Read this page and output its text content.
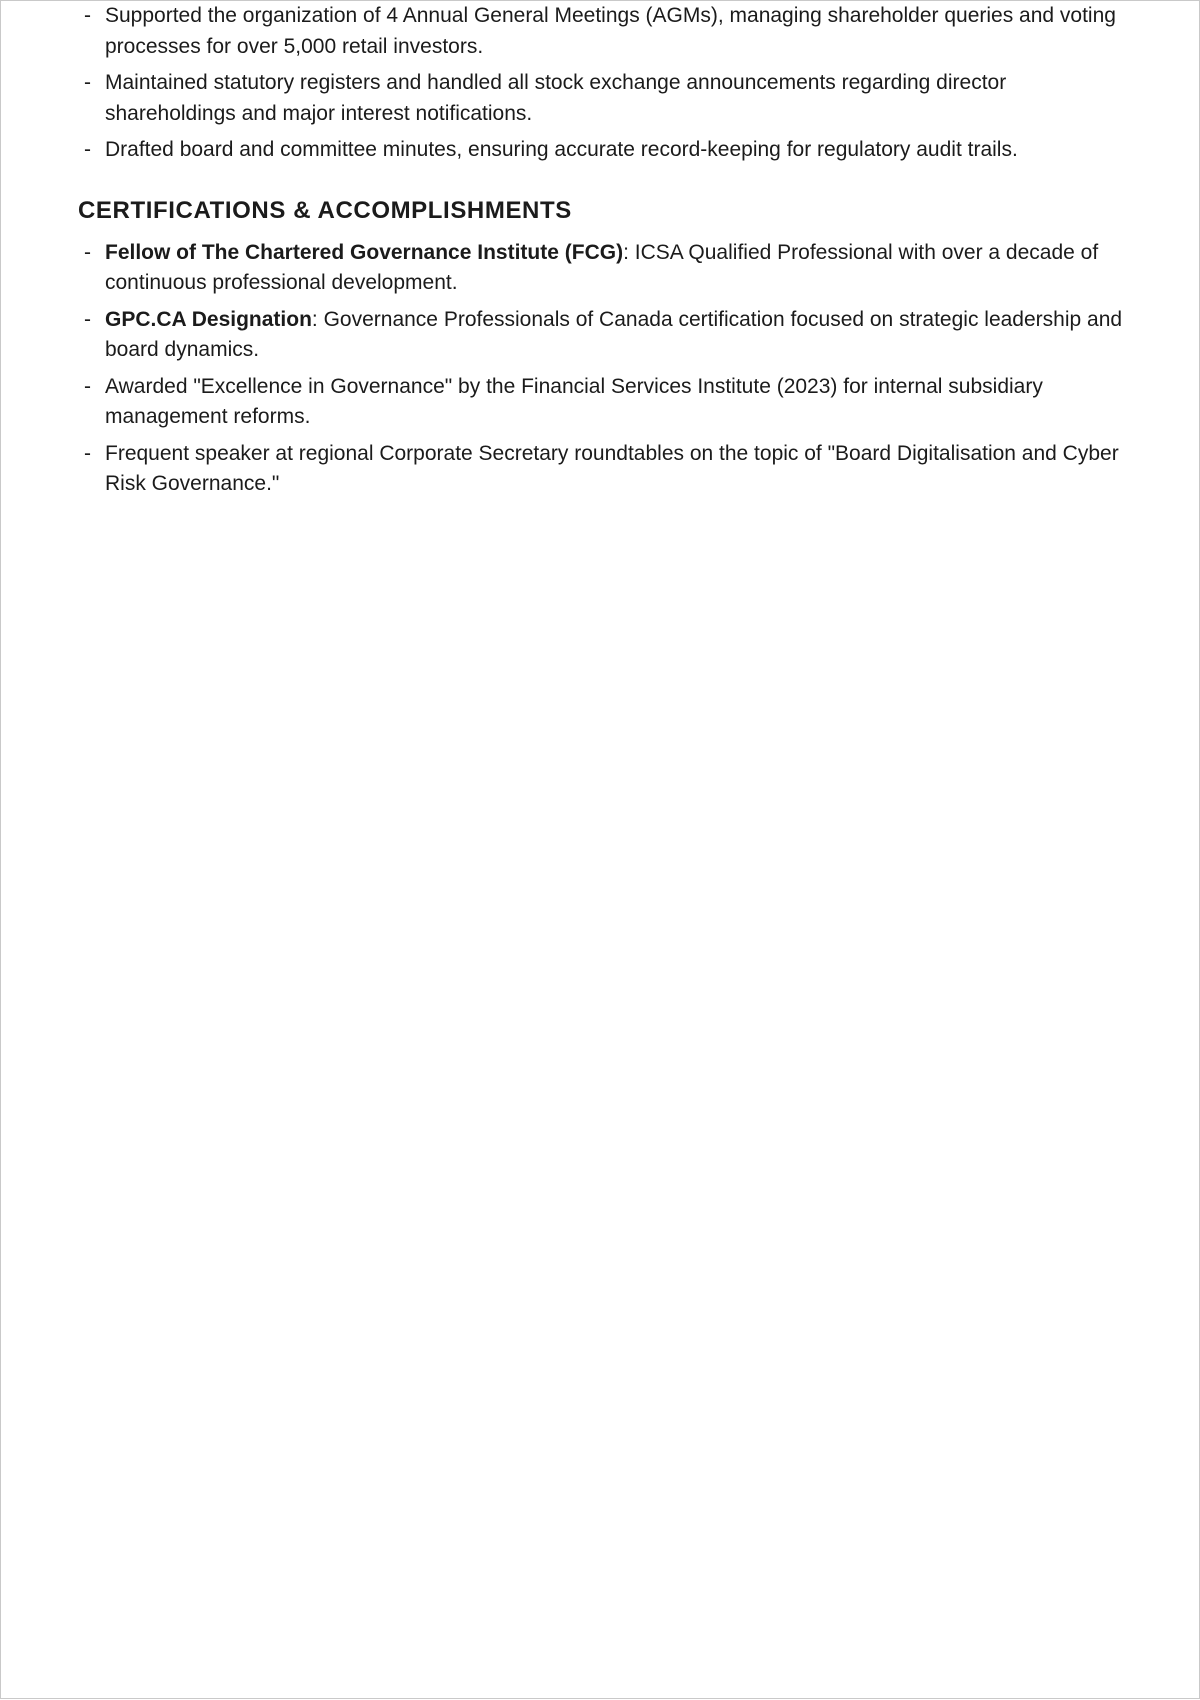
- Supported the organization of 4 Annual General Meetings (AGMs), managing shareholder queries and voting processes for over 5,000 retail investors.
- Maintained statutory registers and handled all stock exchange announcements regarding director shareholdings and major interest notifications.
- Drafted board and committee minutes, ensuring accurate record-keeping for regulatory audit trails.
CERTIFICATIONS & ACCOMPLISHMENTS
- Fellow of The Chartered Governance Institute (FCG): ICSA Qualified Professional with over a decade of continuous professional development.
- GPC.CA Designation: Governance Professionals of Canada certification focused on strategic leadership and board dynamics.
- Awarded "Excellence in Governance" by the Financial Services Institute (2023) for internal subsidiary management reforms.
- Frequent speaker at regional Corporate Secretary roundtables on the topic of "Board Digitalisation and Cyber Risk Governance."
